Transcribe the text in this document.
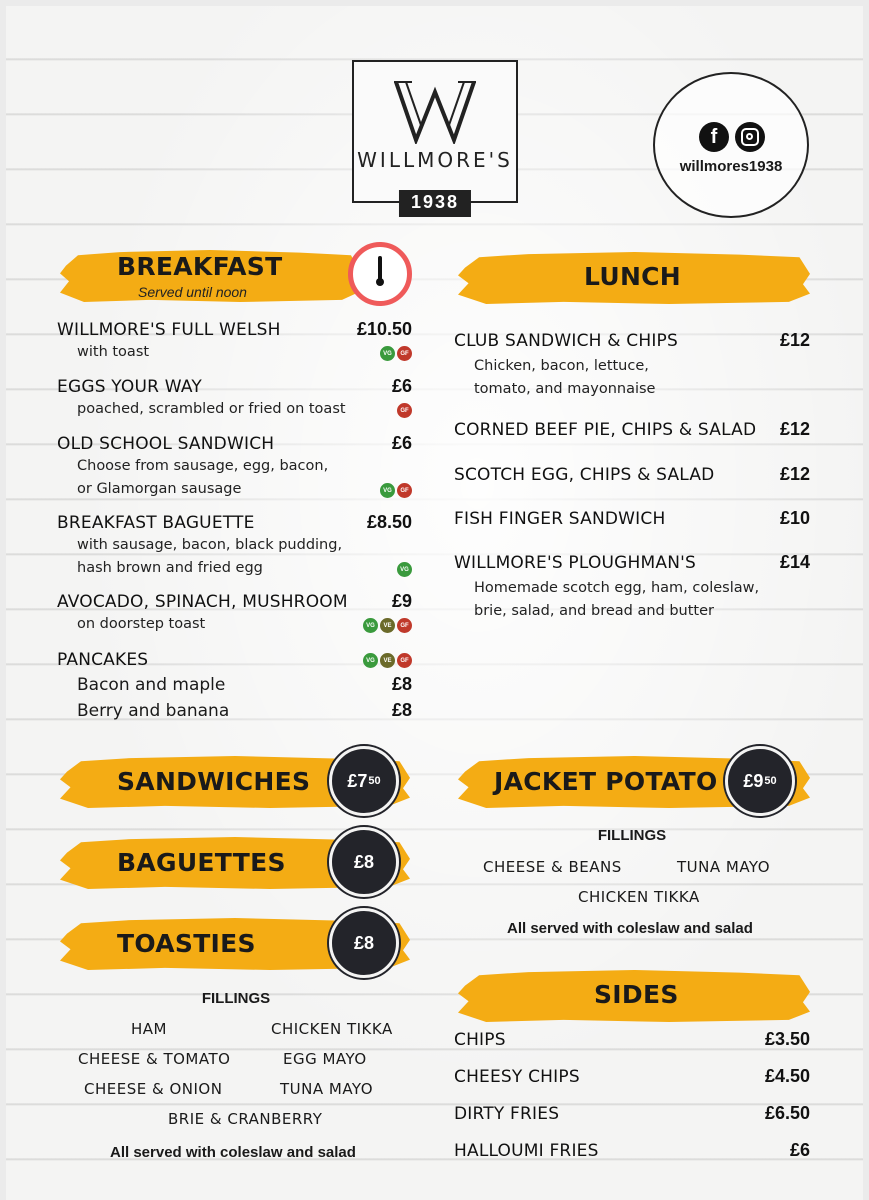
WILLMORE'S
1938
f
willmores1938
BREAKFAST
Served until noon
WILLMORE'S FULL WELSH	£10.50
with toast	VG	GF
EGGS YOUR WAY	£6
poached, scrambled or fried on toast	GF
OLD SCHOOL SANDWICH	£6
Choose from sausage, egg, bacon,
or Glamorgan sausage	VG	GF
BREAKFAST BAGUETTE	£8.50
with sausage, bacon, black pudding,
hash brown and fried egg	VG
AVOCADO, SPINACH, MUSHROOM £9
on doorstep toast	VG	VE	GF
PANCAKES	VG	VE	GF
Bacon and maple	£8
Berry and banana	£8
LUNCH
CLUB SANDWICH & CHIPS	£12
Chicken, bacon, lettuce,
tomato, and mayonnaise
CORNED BEEF PIE, CHIPS & SALAD £12
SCOTCH EGG, CHIPS & SALAD	£12
FISH FINGER SANDWICH	£10
WILLMORE'S PLOUGHMAN'S	£14
Homemade scotch egg, ham, coleslaw,
brie, salad, and bread and butter
SANDWICHES £7 50
BAGUETTES	£8
TOASTIES	£8
FILLINGS
HAM	CHICKEN TIKKA
CHEESE & TOMATO	EGG MAYO
CHEESE & ONION	TUNA MAYO
BRIE & CRANBERRY
All served with coleslaw and salad
JACKET POTATO £9 50
FILLINGS
CHEESE & BEANS	TUNA MAYO
CHICKEN TIKKA
All served with coleslaw and salad
SIDES
CHIPS	£3.50
CHEESY CHIPS	£4.50
DIRTY FRIES	£6.50
HALLOUMI FRIES	£6
